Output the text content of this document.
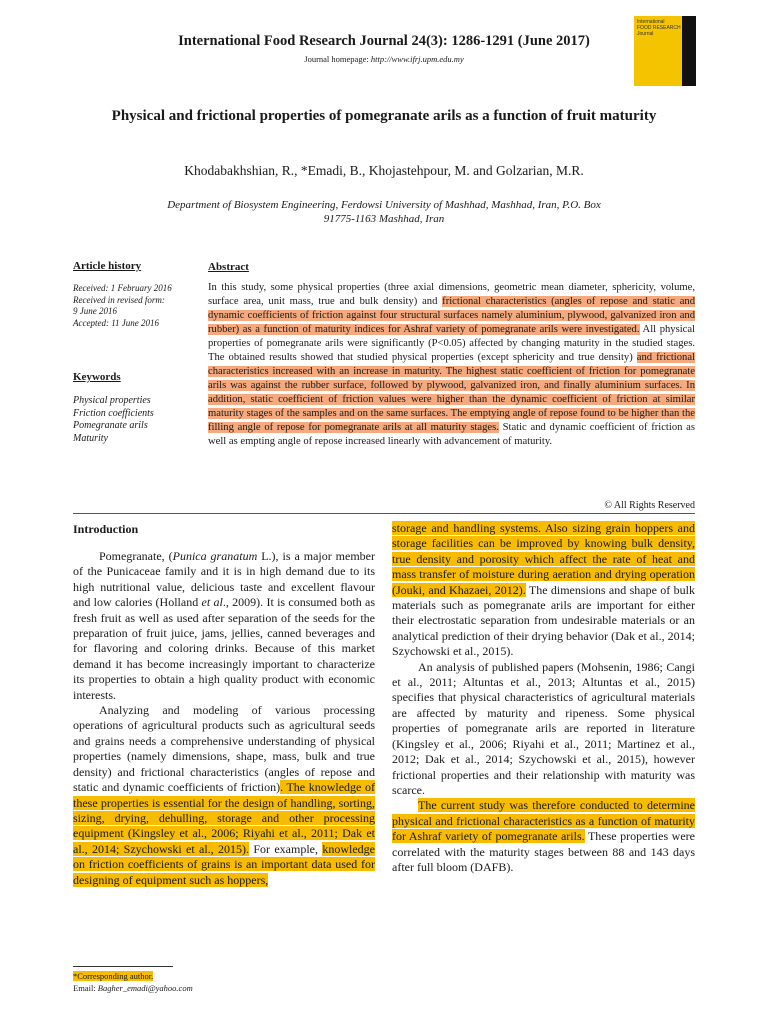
International Food Research Journal 24(3): 1286-1291 (June 2017)
Journal homepage: http://www.ifrj.upm.edu.my
International
FOOD RESEARCH
Journal
Physical and frictional properties of pomegranate arils as a function of fruit maturity
Khodabakhshian, R., *Emadi, B., Khojastehpour, M. and Golzarian, M.R.
Department of Biosystem Engineering, Ferdowsi University of Mashhad, Mashhad, Iran, P.O. Box
91775-1163 Mashhad, Iran
Article history
Received: 1 February 2016
Received in revised form:
9 June 2016
Accepted: 11 June 2016
Keywords
Physical properties
Friction coefficients
Pomegranate arils
Maturity
Abstract
In this study, some physical properties (three axial dimensions, geometric mean diameter, sphericity, volume, surface area, unit mass, true and bulk density) and frictional characteristics (angles of repose and static and dynamic coefficients of friction against four structural surfaces namely aluminium, plywood, galvanized iron and rubber) as a function of maturity indices for Ashraf variety of pomegranate arils were investigated. All physical properties of pomegranate arils were significantly (P<0.05) affected by changing maturity in the studied stages. The obtained results showed that studied physical properties (except sphericity and true density) and frictional characteristics increased with an increase in maturity. The highest static coefficient of friction for pomegranate arils was against the rubber surface, followed by plywood, galvanized iron, and finally aluminium surfaces. In addition, static coefficient of friction values were higher than the dynamic coefficient of friction at similar maturity stages of the samples and on the same surfaces. The emptying angle of repose found to be higher than the filling angle of repose for pomegranate arils at all maturity stages. Static and dynamic coefficient of friction as well as empting angle of repose increased linearly with advancement of maturity.
© All Rights Reserved
Introduction

Pomegranate, (Punica granatum L.), is a major member of the Punicaceae family and it is in high demand due to its high nutritional value, delicious taste and excellent flavour and low calories (Holland et al., 2009). It is consumed both as fresh fruit as well as used after separation of the seeds for the preparation of fruit juice, jams, jellies, canned beverages and for flavoring and coloring drinks. Because of this market demand it has become increasingly important to characterize its properties to obtain a high quality product with economic interests.

Analyzing and modeling of various processing operations of agricultural products such as agricultural seeds and grains needs a comprehensive understanding of physical properties (namely dimensions, shape, mass, bulk and true density) and frictional characteristics (angles of repose and static and dynamic coefficients of friction). The knowledge of these properties is essential for the design of handling, sorting, sizing, drying, dehulling, storage and other processing equipment (Kingsley et al., 2006; Riyahi et al., 2011; Dak et al., 2014; Szychowski et al., 2015). For example, knowledge on friction coefficients of grains is an important data used for designing of equipment such as hoppers,

storage and handling systems. Also sizing grain hoppers and storage facilities can be improved by knowing bulk density, true density and porosity which affect the rate of heat and mass transfer of moisture during aeration and drying operation (Jouki, and Khazaei, 2012). The dimensions and shape of bulk materials such as pomegranate arils are important for either their electrostatic separation from undesirable materials or an analytical prediction of their drying behavior (Dak et al., 2014; Szychowski et al., 2015).

An analysis of published papers (Mohsenin, 1986; Cangi et al., 2011; Altuntas et al., 2013; Altuntas et al., 2015) specifies that physical characteristics of agricultural materials are affected by maturity and ripeness. Some physical properties of pomegranate arils are reported in literature (Kingsley et al., 2006; Riyahi et al., 2011; Martinez et al., 2012; Dak et al., 2014; Szychowski et al., 2015), however frictional properties and their relationship with maturity was scarce.

The current study was therefore conducted to determine physical and frictional characteristics as a function of maturity for Ashraf variety of pomegranate arils. These properties were correlated with the maturity stages between 88 and 143 days after full bloom (DAFB).

*Corresponding author.
Email: Bagher_emadi@yahoo.com
